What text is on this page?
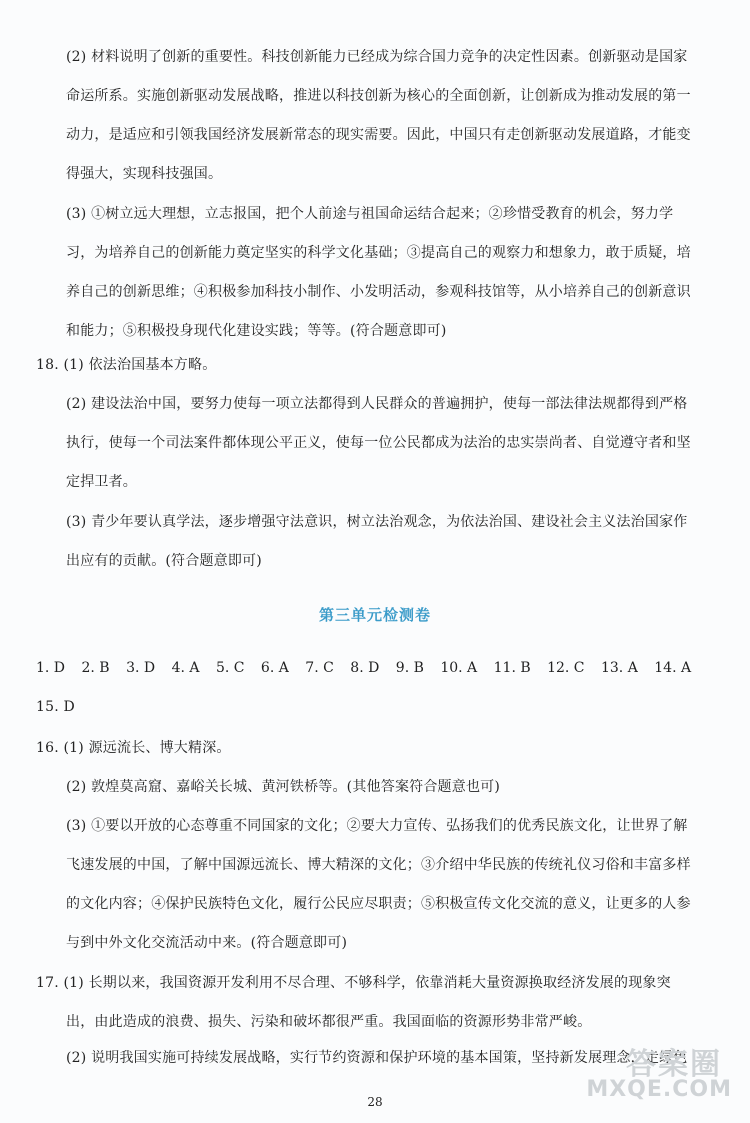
(2) 材料说明了创新的重要性。科技创新能力已经成为综合国力竞争的决定性因素。创新驱动是国家
命运所系。实施创新驱动发展战略，推进以科技创新为核心的全面创新，让创新成为推动发展的第一
动力，是适应和引领我国经济发展新常态的现实需要。因此，中国只有走创新驱动发展道路，才能变
得强大，实现科技强国。
(3) ①树立远大理想，立志报国，把个人前途与祖国命运结合起来；②珍惜受教育的机会，努力学
习，为培养自己的创新能力奠定坚实的科学文化基础；③提高自己的观察力和想象力，敢于质疑，培
养自己的创新思维；④积极参加科技小制作、小发明活动，参观科技馆等，从小培养自己的创新意识
和能力；⑤积极投身现代化建设实践；等等。(符合题意即可)
18. (1) 依法治国基本方略。
(2) 建设法治中国，要努力使每一项立法都得到人民群众的普遍拥护，使每一部法律法规都得到严格
执行，使每一个司法案件都体现公平正义，使每一位公民都成为法治的忠实崇尚者、自觉遵守者和坚
定捍卫者。
(3) 青少年要认真学法，逐步增强守法意识，树立法治观念，为依法治国、建设社会主义法治国家作
出应有的贡献。(符合题意即可)
第三单元检测卷
1. D 2. B 3. D 4. A 5. C 6. A 7. C 8. D 9. B 10. A 11. B 12. C 13. A 14. A
15. D
16. (1) 源远流长、博大精深。
(2) 敦煌莫高窟、嘉峪关长城、黄河铁桥等。(其他答案符合题意也可)
(3) ①要以开放的心态尊重不同国家的文化；②要大力宣传、弘扬我们的优秀民族文化，让世界了解
飞速发展的中国，了解中国源远流长、博大精深的文化；③介绍中华民族的传统礼仪习俗和丰富多样
的文化内容；④保护民族特色文化，履行公民应尽职责；⑤积极宣传文化交流的意义，让更多的人参
与到中外文化交流活动中来。(符合题意即可)
17. (1) 长期以来，我国资源开发利用不尽合理、不够科学，依靠消耗大量资源换取经济发展的现象突
出，由此造成的浪费、损失、污染和破坏都很严重。我国面临的资源形势非常严峻。
(2) 说明我国实施可持续发展战略，实行节约资源和保护环境的基本国策，坚持新发展理念，走绿色
28
答案圈
MXQE.COM
